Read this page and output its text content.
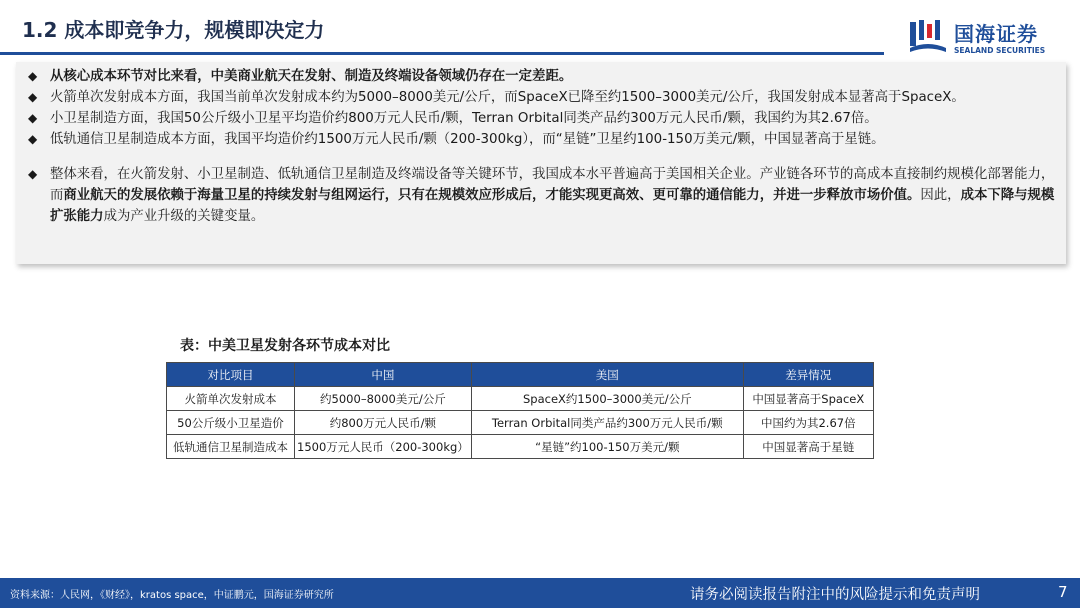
1.2 成本即竞争力，规模即决定力	国海证券
SEALAND SECURITIES
◆ 从核心成本环节对比来看，中美商业航天在发射、制造及终端设备领域仍存在一定差距。
◆ 火箭单次发射成本方面，我国当前单次发射成本约为5000–8000美元/公斤，而SpaceX已降至约1500–3000美元/公斤，我国发射成本显著高于SpaceX。
◆ 小卫星制造方面，我国50公斤级小卫星平均造价约800万元人民币/颗，Terran Orbital同类产品约300万元人民币/颗，我国约为其2.67倍。
◆ 低轨通信卫星制造成本方面，我国平均造价约1500万元人民币/颗（200-300kg），而“星链”卫星约100-150万美元/颗，中国显著高于星链。
◆ 整体来看，在火箭发射、小卫星制造、低轨通信卫星制造及终端设备等关键环节，我国成本水平普遍高于美国相关企业。产业链各环节的高成本直接制约规模化部署能力，而商业航天的发展依赖于海量卫星的持续发射与组网运行，只有在规模效应形成后，才能实现更高效、更可靠的通信能力，并进一步释放市场价值。因此，成本下降与规模扩张能力成为产业升级的关键变量。
表：中美卫星发射各环节成本对比
对比项目	中国	美国	差异情况
火箭单次发射成本	约5000–8000美元/公斤	SpaceX约1500–3000美元/公斤	中国显著高于SpaceX
50公斤级小卫星造价	约800万元人民币/颗	Terran Orbital同类产品约300万元人民币/颗	中国约为其2.67倍
低轨通信卫星制造成本	1500万元人民币（200-300kg）	“星链”约100-150万美元/颗	中国显著高于星链
资料来源：人民网，《财经》，kratos space，中证鹏元，国海证券研究所	请务必阅读报告附注中的风险提示和免责声明	7
